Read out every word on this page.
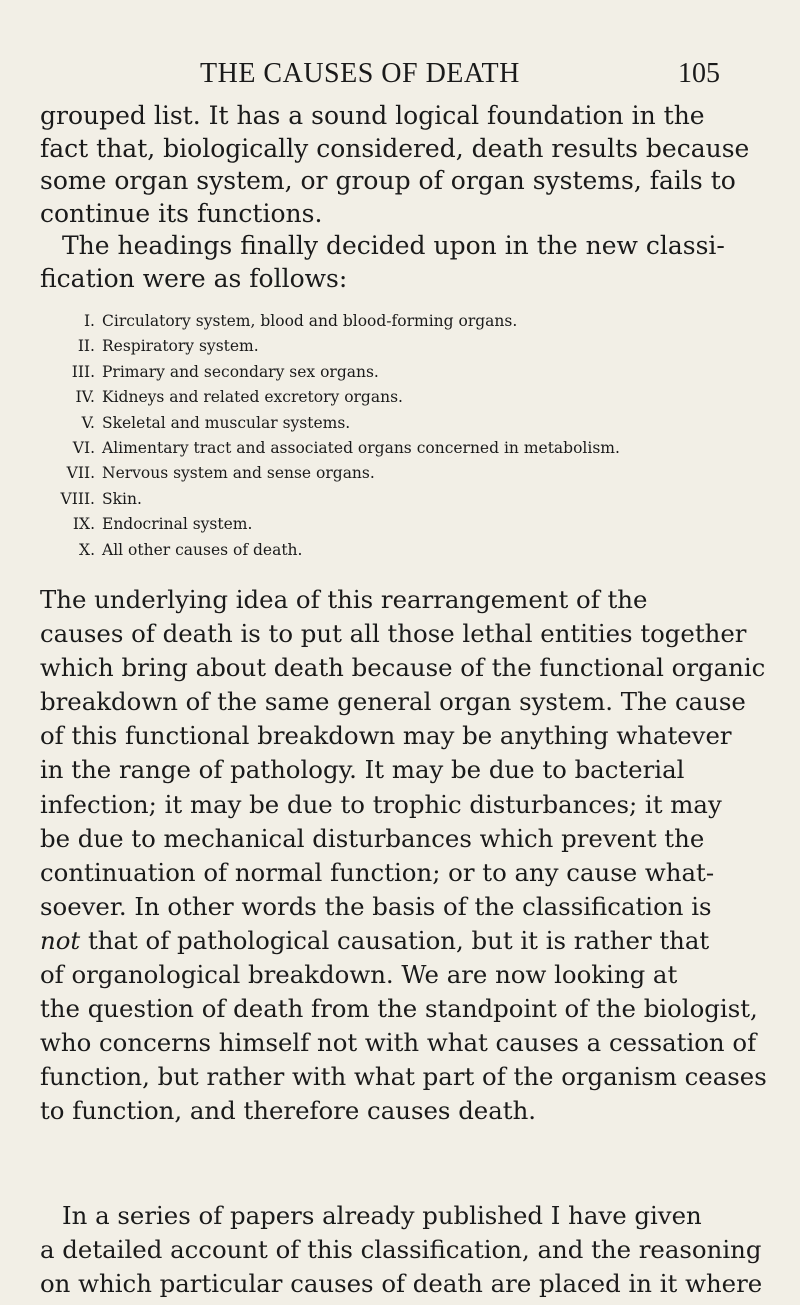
THE CAUSES OF DEATH	105

grouped list. It has a sound logical foundation in the
fact that, biologically considered, death results because
some organ system, or group of organ systems, fails to
continue its functions.
The headings finally decided upon in the new classi-
fication were as follows:

I. Circulatory system, blood and blood-forming organs.
II. Respiratory system.
III. Primary and secondary sex organs.
IV. Kidneys and related excretory organs.
V. Skeletal and muscular systems.
VI. Alimentary tract and associated organs concerned in metabolism.
VII. Nervous system and sense organs.
VIII. Skin.
IX. Endocrinal system.
X. All other causes of death.

The underlying idea of this rearrangement of the
causes of death is to put all those lethal entities together
which bring about death because of the functional organic
breakdown of the same general organ system. The cause
of this functional breakdown may be anything whatever
in the range of pathology. It may be due to bacterial
infection; it may be due to trophic disturbances; it may
be due to mechanical disturbances which prevent the
continuation of normal function; or to any cause what-
soever. In other words the basis of the classification is
not that of pathological causation, but it is rather that
of organological breakdown. We are now looking at
the question of death from the standpoint of the biologist,
who concerns himself not with what causes a cessation of
function, but rather with what part of the organism ceases
to function, and therefore causes death.

In a series of papers already published I have given
a detailed account of this classification, and the reasoning
on which particular causes of death are placed in it where
